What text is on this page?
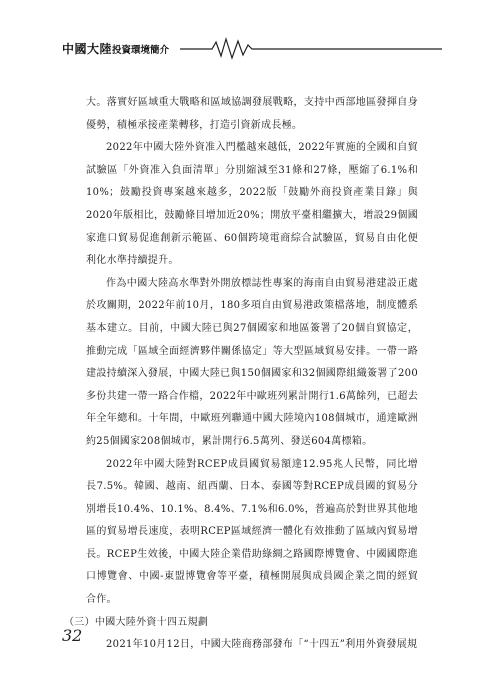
中國大陸投資環境簡介

大。落實好區域重大戰略和區域協調發展戰略，支持中西部地區發揮自身優勢，積極承接產業轉移，打造引資新成長極。

2022年中國大陸外資准入門檻越來越低，2022年實施的全國和自貿試驗區「外資准入負面清單」分別縮減至31條和27條，壓縮了6.1%和10%；鼓勵投資專案越來越多，2022版「鼓勵外商投資產業目錄」與2020年版相比，鼓勵條目增加近20%；開放平臺相繼擴大，增設29個國家進口貿易促進創新示範區、60個跨境電商綜合試驗區，貿易自由化便利化水準持續提升。

作為中國大陸高水準對外開放標誌性專案的海南自由貿易港建設正處於攻關期，2022年前10月，180多項自由貿易港政策檔落地，制度體系基本建立。目前，中國大陸已與27個國家和地區簽署了20個自貿協定，推動完成「區域全面經濟夥伴關係協定」等大型區域貿易安排。一帶一路建設持續深入發展，中國大陸已與150個國家和32個國際組織簽署了200多份共建一帶一路合作檔，2022年中歐班列累計開行1.6萬餘列，已超去年全年總和。十年間，中歐班列聯通中國大陸境內108個城市，通達歐洲約25個國家208個城市，累計開行6.5萬列、發送604萬標箱。

2022年中國大陸對RCEP成員國貿易額達12.95兆人民幣，同比增長7.5%。韓國、越南、紐西蘭、日本、泰國等對RCEP成員國的貿易分別增長10.4%、10.1%、8.4%、7.1%和6.0%，普遍高於對世界其他地區的貿易增長速度，表明RCEP區域經濟一體化有效推動了區域內貿易增長。RCEP生效後，中國大陸企業借助綠綢之路國際博覽會、中國國際進口博覽會、中國-東盟博覽會等平臺，積極開展與成員國企業之間的經貿合作。

（三）中國大陸外資十四五規劃

2021年10月12日，中國大陸商務部發布「“十四五”利用外資發展規

32
